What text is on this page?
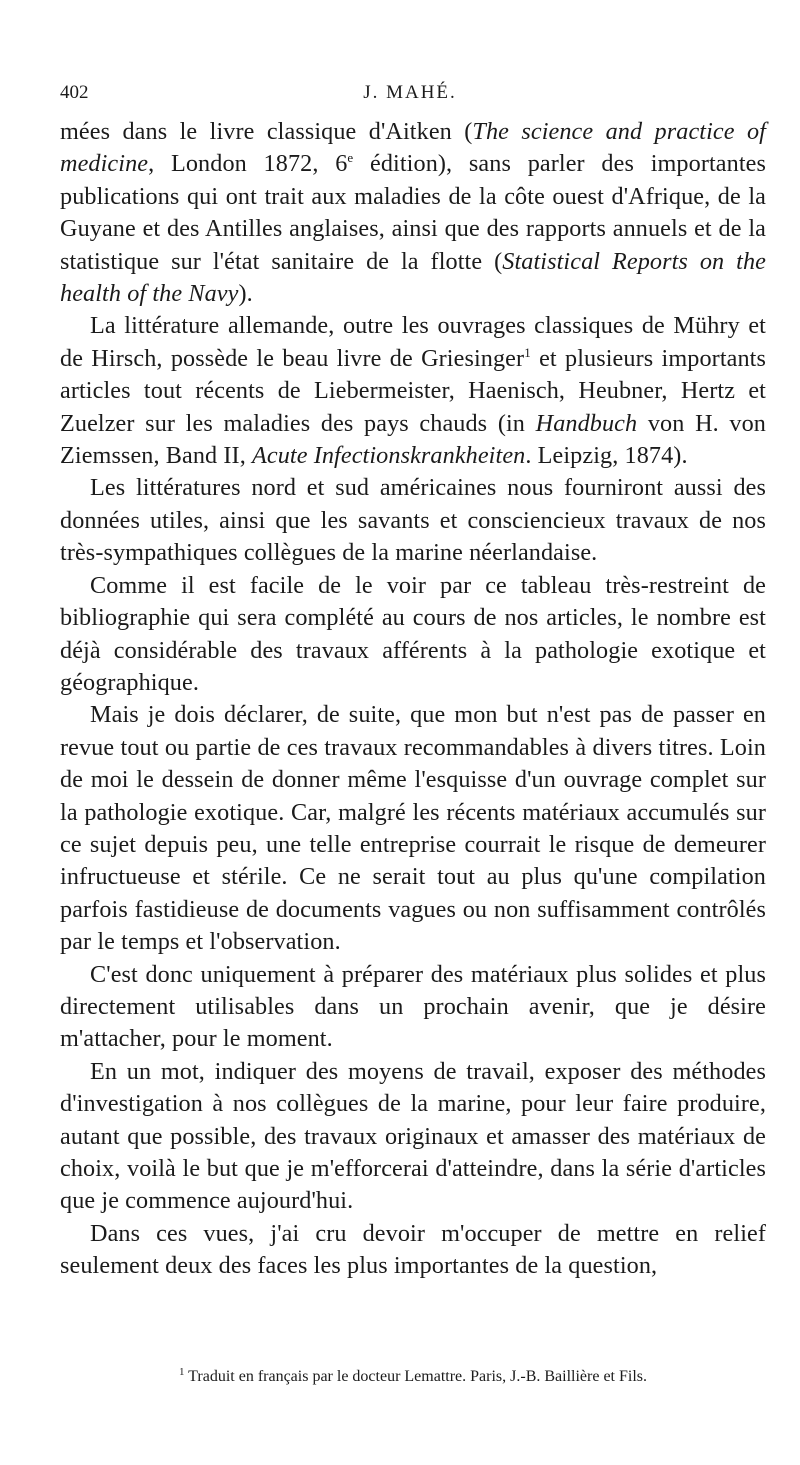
402	J. MAHÉ.

mées dans le livre classique d'Aitken (The science and practice of medicine, London 1872, 6e édition), sans parler des importantes publications qui ont trait aux maladies de la côte ouest d'Afrique, de la Guyane et des Antilles anglaises, ainsi que des rapports annuels et de la statistique sur l'état sanitaire de la flotte (Statistical Reports on the health of the Navy).

La littérature allemande, outre les ouvrages classiques de Mühry et de Hirsch, possède le beau livre de Griesinger$^1$ et plusieurs importants articles tout récents de Liebermeister, Haenisch, Heubner, Hertz et Zuelzer sur les maladies des pays chauds (in Handbuch von H. von Ziemssen, Band II, Acute Infectionskrankheiten. Leipzig, 1874).

Les littératures nord et sud américaines nous fourniront aussi des données utiles, ainsi que les savants et consciencieux travaux de nos très-sympathiques collègues de la marine néerlandaise.

Comme il est facile de le voir par ce tableau très-restreint de bibliographie qui sera complété au cours de nos articles, le nombre est déjà considérable des travaux afférents à la pathologie exotique et géographique.

Mais je dois déclarer, de suite, que mon but n'est pas de passer en revue tout ou partie de ces travaux recommandables à divers titres. Loin de moi le dessein de donner même l'esquisse d'un ouvrage complet sur la pathologie exotique. Car, malgré les récents matériaux accumulés sur ce sujet depuis peu, une telle entreprise courrait le risque de demeurer infructueuse et stérile. Ce ne serait tout au plus qu'une compilation parfois fastidieuse de documents vagues ou non suffisamment contrôlés par le temps et l'observation.

C'est donc uniquement à préparer des matériaux plus solides et plus directement utilisables dans un prochain avenir, que je désire m'attacher, pour le moment.

En un mot, indiquer des moyens de travail, exposer des méthodes d'investigation à nos collègues de la marine, pour leur faire produire, autant que possible, des travaux originaux et amasser des matériaux de choix, voilà le but que je m'efforcerai d'atteindre, dans la série d'articles que je commence aujourd'hui.

Dans ces vues, j'ai cru devoir m'occuper de mettre en relief seulement deux des faces les plus importantes de la question,

$^1$ Traduit en français par le docteur Lemattre. Paris, J.-B. Baillière et Fils.
